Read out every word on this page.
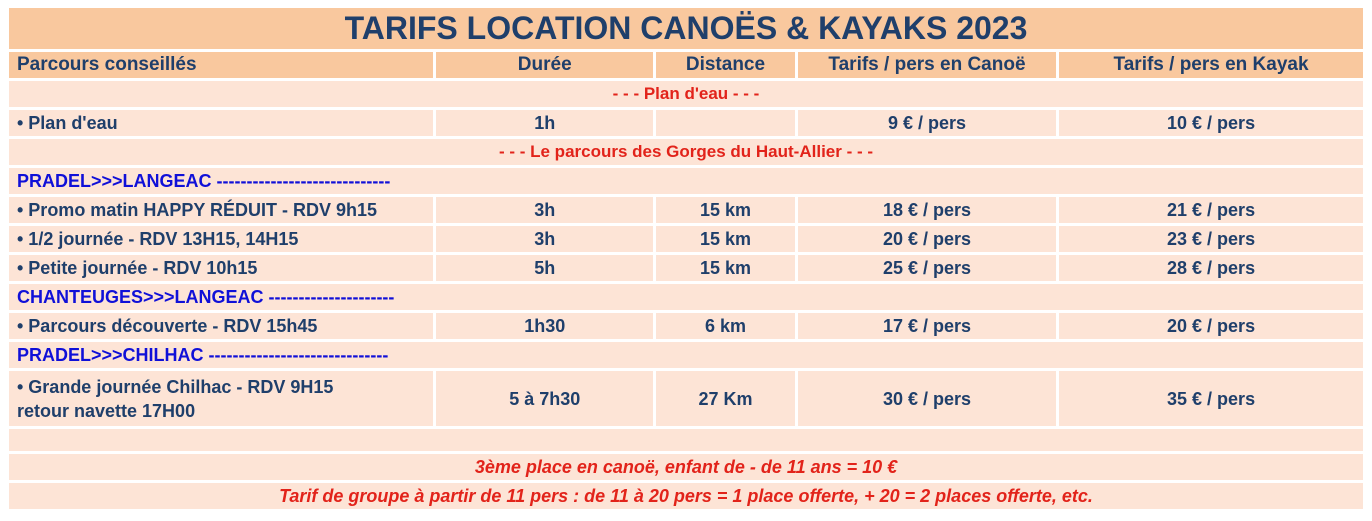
TARIFS LOCATION CANOËS & KAYAKS 2023				
Parcours conseillés	Durée	Distance	Tarifs / pers en Canoë	Tarifs / pers en Kayak
- - - Plan d'eau - - -				
• Plan d'eau	1h		9 € / pers	10 € / pers
- - - Le parcours des Gorges du Haut-Allier - - -				
PRADEL>>>LANGEAC -----------------------------				
• Promo matin HAPPY RÉDUIT - RDV 9h15	3h	15 km	18 € / pers	21 € / pers
• 1/2 journée - RDV 13H15, 14H15	3h	15 km	20 € / pers	23 € / pers
• Petite journée - RDV 10h15	5h	15 km	25 € / pers	28 € / pers
CHANTEUGES>>>LANGEAC ---------------------				
• Parcours découverte - RDV 15h45	1h30	6 km	17 € / pers	20 € / pers
PRADEL>>>CHILHAC ------------------------------				
• Grande journée Chilhac - RDV 9H15
retour navette 17H00	5 à 7h30	27 Km	30 € / pers	35 € / pers

3ème place en canoë, enfant de - de 11 ans = 10 €				
Tarif de groupe à partir de 11 pers : de 11 à 20 pers = 1 place offerte, + 20 = 2 places offerte, etc.				
